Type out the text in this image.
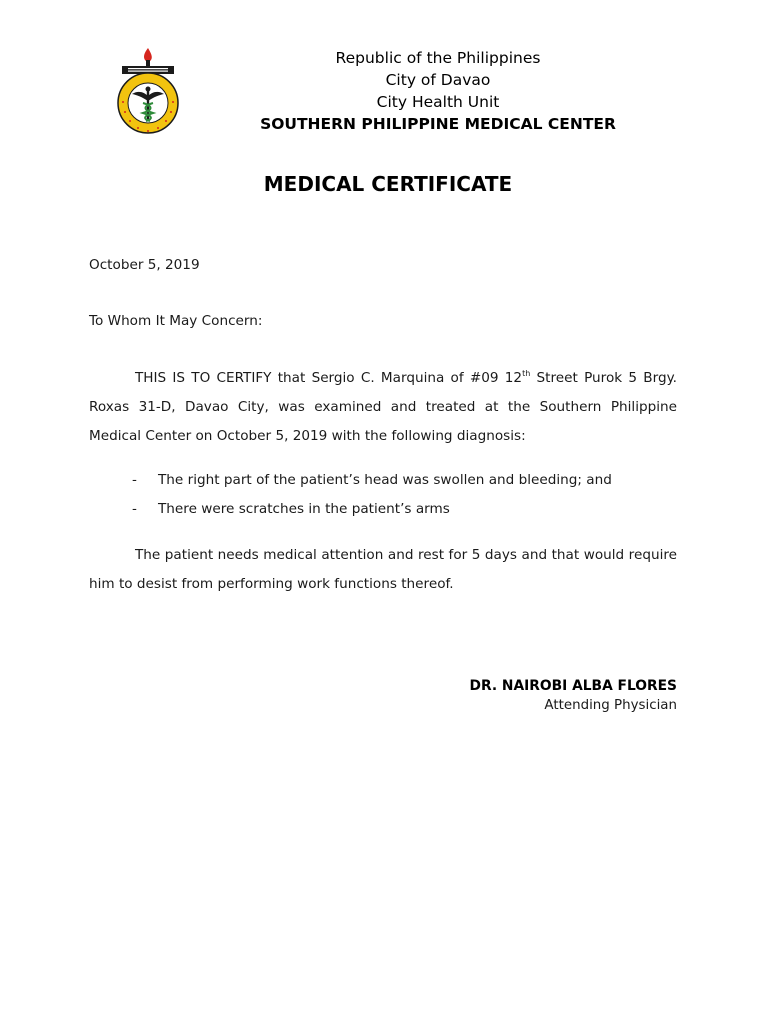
Republic of the Philippines
City of Davao
City Health Unit
SOUTHERN PHILIPPINE MEDICAL CENTER
MEDICAL CERTIFICATE
October 5, 2019
To Whom It May Concern:
THIS IS TO CERTIFY that Sergio C. Marquina of #09 12th Street Purok 5 Brgy. Roxas 31-D, Davao City, was examined and treated at the Southern Philippine Medical Center on October 5, 2019 with the following diagnosis:
- The right part of the patient’s head was swollen and bleeding; and
- There were scratches in the patient’s arms
The patient needs medical attention and rest for 5 days and that would require him to desist from performing work functions thereof.
DR. NAIROBI ALBA FLORES
Attending Physician
